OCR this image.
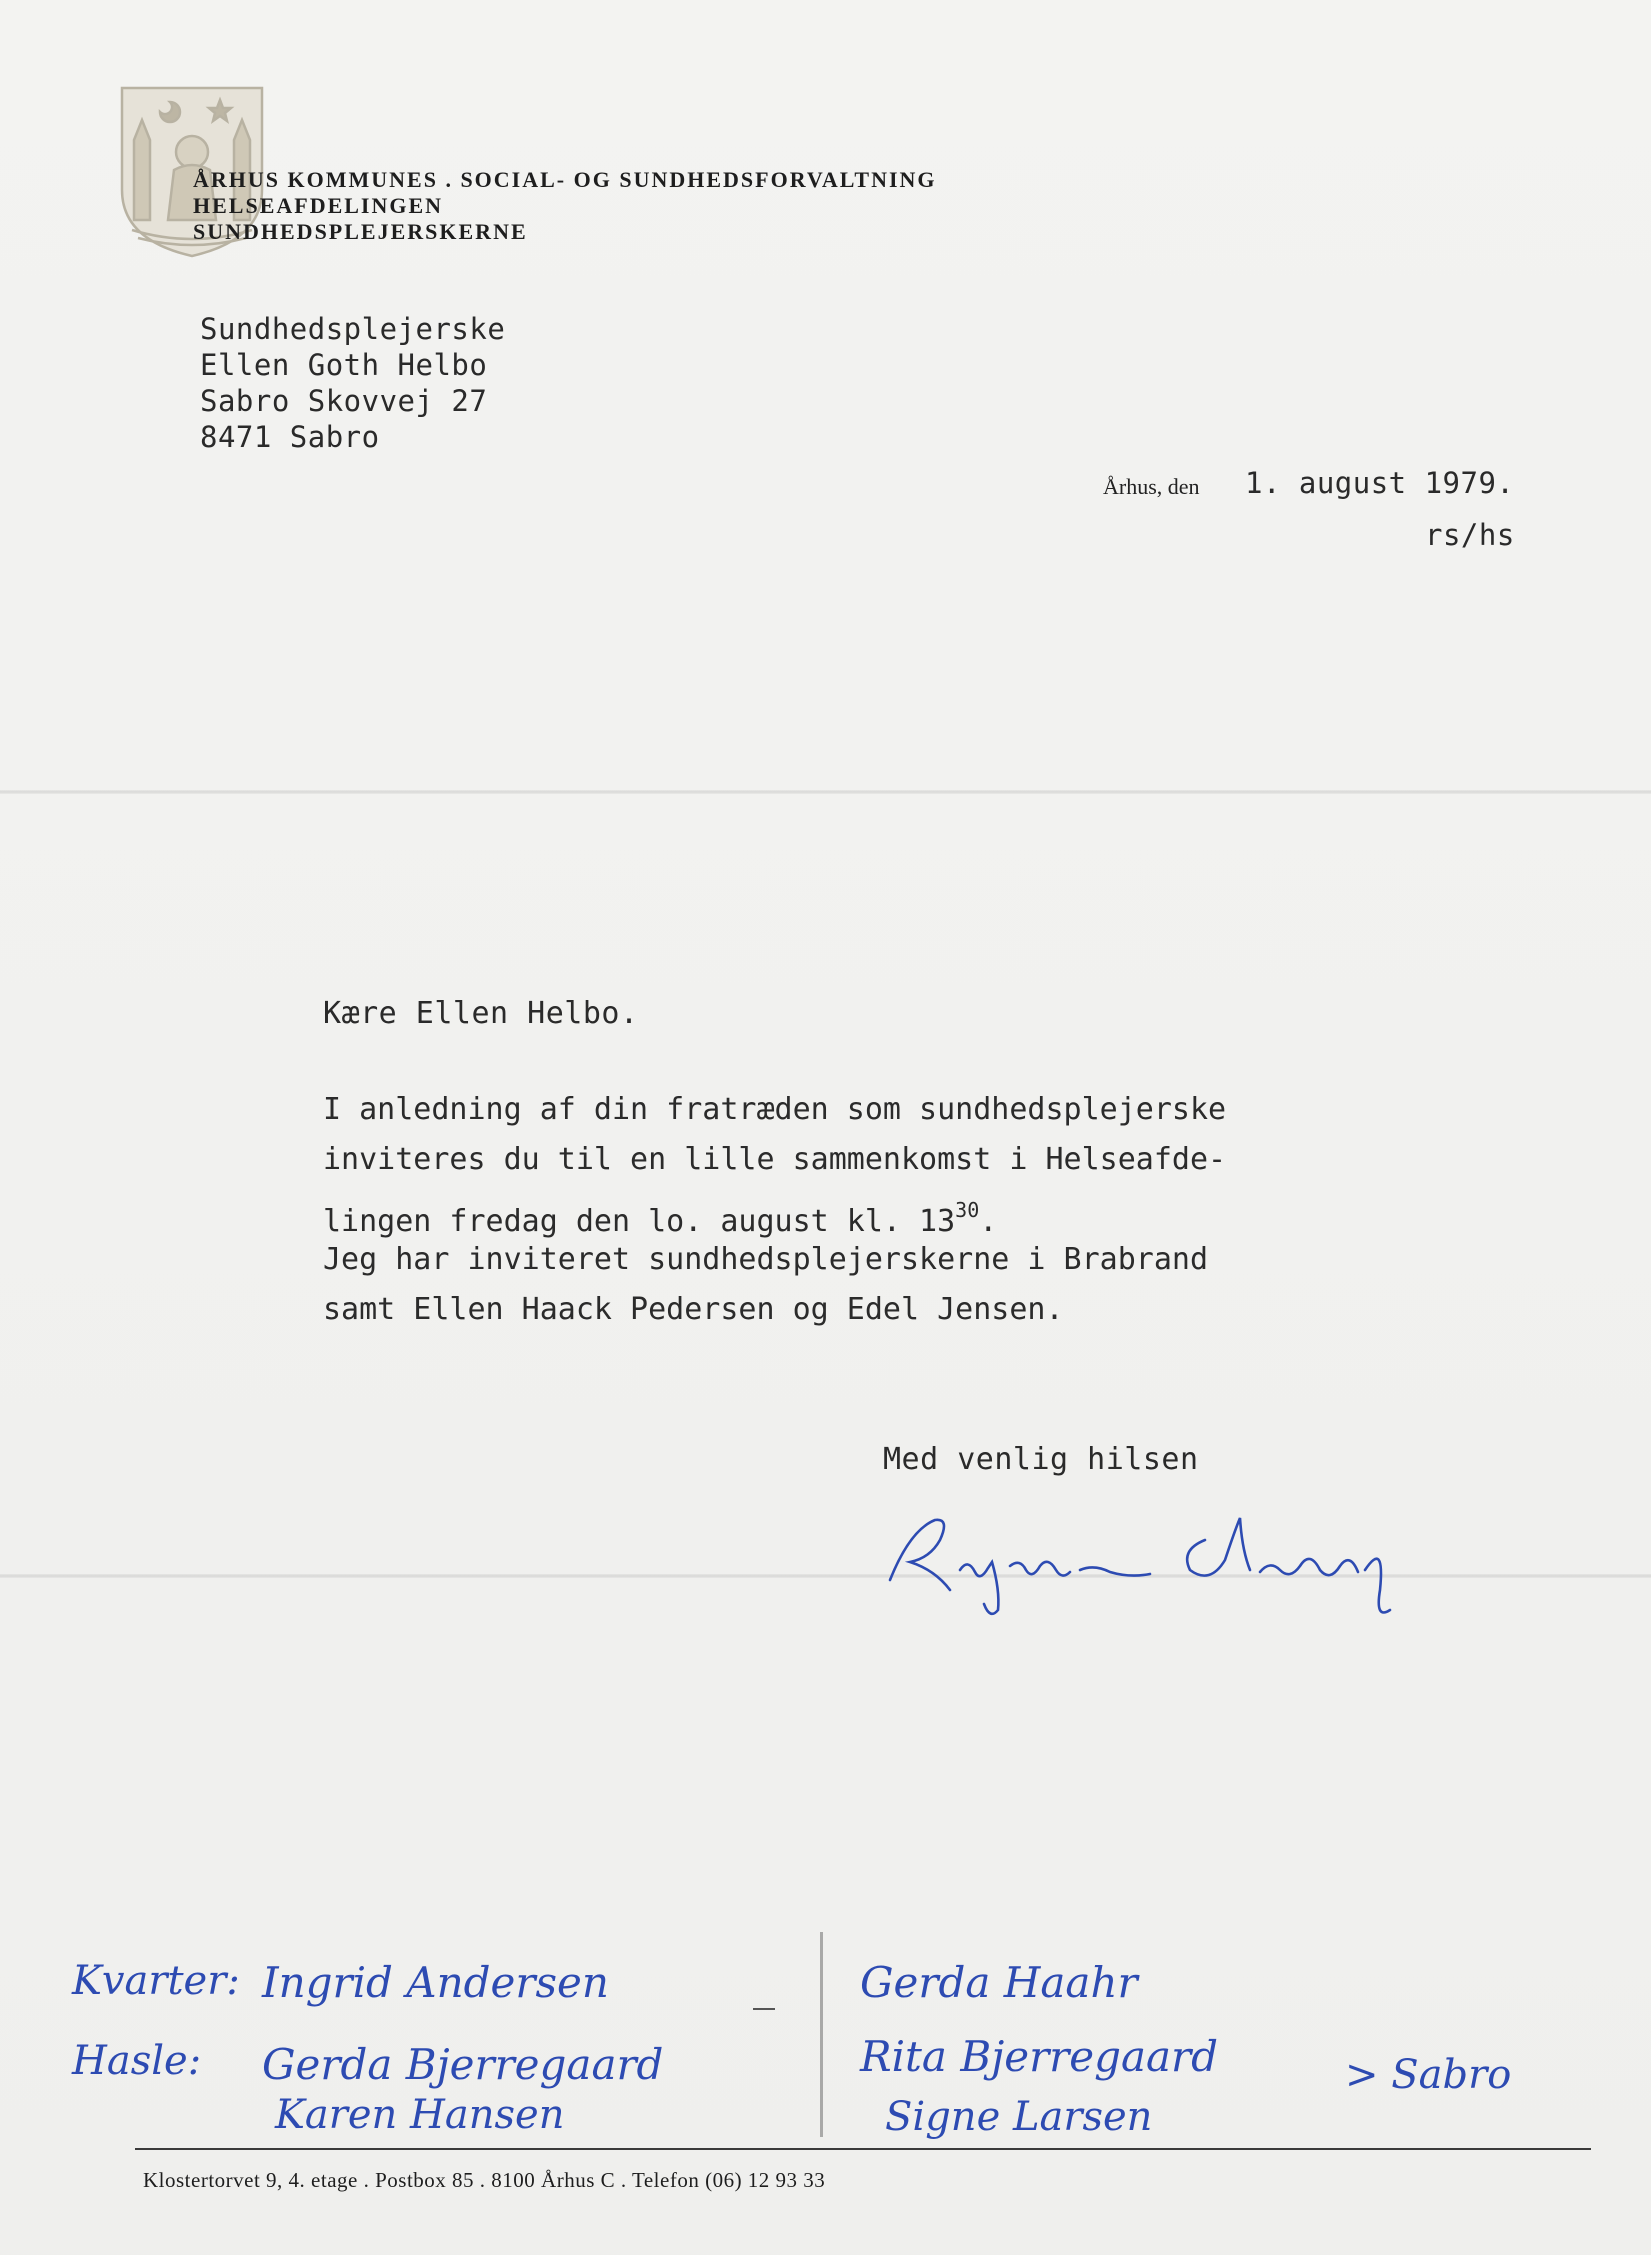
ÅRHUS KOMMUNES . SOCIAL- OG SUNDHEDSFORVALTNING
HELSEAFDELINGEN
SUNDHEDSPLEJERSKERNE
Sundhedsplejerske
Ellen Goth Helbo
Sabro Skovvej 27
8471 Sabro
Århus, den 1. august 1979.
rs/hs
Kære Ellen Helbo.
I anledning af din fratræden som sundhedsplejerske
inviteres du til en lille sammenkomst i Helseafde-
lingen fredag den lo. august kl. $13^{30}$.
Jeg har inviteret sundhedsplejerskerne i Brabrand
samt Ellen Haack Pedersen og Edel Jensen.
Med venlig hilsen
Kvarter:
Hasle:
Ingrid Andersen
Gerda Bjerregaard
Karen Hansen
Gerda Haahr
Rita Bjerregaard
Signe Larsen
> Sabro
Klostertorvet 9, 4. etage . Postbox 85 . 8100 Århus C . Telefon (06) 12 93 33
